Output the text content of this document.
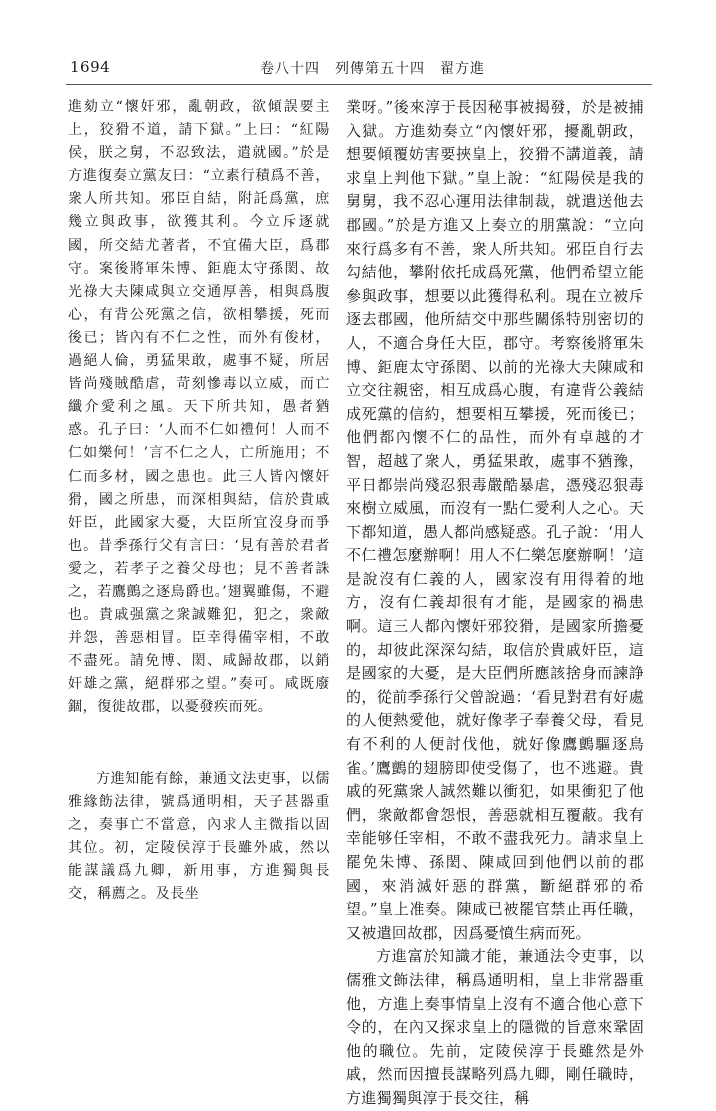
1694	卷八十四　列傳第五十四　翟方進

進劾立“懷奸邪，亂朝政，欲傾誤要主上，狡猾不道，請下獄。”上曰：“紅陽侯，朕之舅，不忍致法，遣就國。”於是方進復奏立黨友曰：“立素行積爲不善，衆人所共知。邪臣自結，附託爲黨，庶幾立與政事，欲獲其利。今立斥逐就國，所交結尤著者，不宜備大臣，爲郡守。案後將軍朱博、鉅鹿太守孫閎、故光祿大夫陳咸與立交通厚善，相與爲腹心，有背公死黨之信，欲相攀援，死而後已；皆內有不仁之性，而外有俊材，過絕人倫，勇猛果敢，處事不疑，所居皆尚殘賊酷虐，苛刻慘毒以立威，而亡纖介愛利之風。天下所共知，愚者猶惑。孔子曰：‘人而不仁如禮何！人而不仁如樂何！’言不仁之人，亡所施用；不仁而多材，國之患也。此三人皆內懷奸猾，國之所患，而深相與結，信於貴戚奸臣，此國家大憂，大臣所宜沒身而爭也。昔季孫行父有言曰：‘見有善於君者愛之，若孝子之養父母也；見不善者誅之，若鷹鸇之逐鳥爵也。’翅翼雖傷，不避也。貴戚强黨之衆誠難犯，犯之，衆敵并怨，善惡相冒。臣幸得備宰相，不敢不盡死。請免博、閎、咸歸故郡，以銷奸雄之黨，絕群邪之望。”奏可。咸既廢錮，復徙故郡，以憂發疾而死。

方進知能有餘，兼通文法吏事，以儒雅緣飭法律，號爲通明相，天子甚器重之，奏事亡不當意，內求人主微指以固其位。初，定陵侯淳于長雖外戚，然以能謀議爲九卿，新用事，方進獨與長交，稱薦之。及長坐

業呀。”後來淳于長因秘事被揭發，於是被捕入獄。方進劾奏立“內懷奸邪，擾亂朝政，想要傾覆妨害要挾皇上，狡猾不講道義，請求皇上判他下獄。”皇上說：“紅陽侯是我的舅舅，我不忍心運用法律制裁，就遣送他去郡國。”於是方進又上奏立的朋黨說：“立向來行爲多有不善，衆人所共知。邪臣自行去勾結他，攀附依托成爲死黨，他們希望立能參與政事，想要以此獲得私利。現在立被斥逐去郡國，他所結交中那些關係特別密切的人，不適合身任大臣，郡守。考察後將軍朱博、鉅鹿太守孫閎、以前的光祿大夫陳咸和立交往親密，相互成爲心腹，有違背公義結成死黨的信約，想要相互攀援，死而後已；他們都內懷不仁的品性，而外有卓越的才智，超越了衆人，勇猛果敢，處事不猶豫，平日都崇尚殘忍狠毒嚴酷暴虐，憑殘忍狠毒來樹立威風，而沒有一點仁愛利人之心。天下都知道，愚人都尚感疑惑。孔子說：‘用人不仁禮怎麼辦啊！用人不仁樂怎麼辦啊！’這是說沒有仁義的人，國家沒有用得着的地方，沒有仁義却很有才能，是國家的禍患啊。這三人都內懷奸邪狡猾，是國家所擔憂的，却彼此深深勾結，取信於貴戚奸臣，這是國家的大憂，是大臣們所應該捨身而諫諍的，從前季孫行父曾說過：‘看見對君有好處的人便熱愛他，就好像孝子奉養父母，看見有不利的人便討伐他，就好像鷹鸇驅逐鳥雀。’鷹鸇的翅膀即使受傷了，也不逃避。貴戚的死黨衆人誠然難以衝犯，如果衝犯了他們，衆敵都會怨恨，善惡就相互覆蔽。我有幸能够任宰相，不敢不盡我死力。請求皇上罷免朱博、孫閎、陳咸回到他們以前的郡國，來消滅奸惡的群黨，斷絕群邪的希望。”皇上准奏。陳咸已被罷官禁止再任職，又被遣回故郡，因爲憂憤生病而死。

方進富於知識才能，兼通法令吏事，以儒雅文飾法律，稱爲通明相，皇上非常器重他，方進上奏事情皇上沒有不適合他心意下令的，在內又探求皇上的隱微的旨意來鞏固他的職位。先前，定陵侯淳于長雖然是外戚，然而因擅長謀略列爲九卿，剛任職時，方進獨獨與淳于長交往，稱
